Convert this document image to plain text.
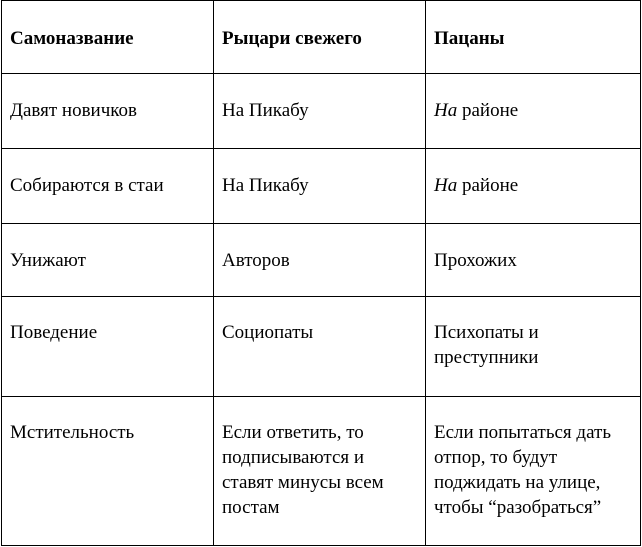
Самоназвание	Рыцари свежего	Пацаны
Давят новичков	На Пикабу	На районе
Собираются в стаи	На Пикабу	На районе
Унижают	Авторов	Прохожих
Поведение	Социопаты	Психопаты и преступники
Мстительность	Если ответить, то подписываются и ставят минусы всем постам	Если попытаться дать отпор, то будут поджидать на улице, чтобы “разобраться”
